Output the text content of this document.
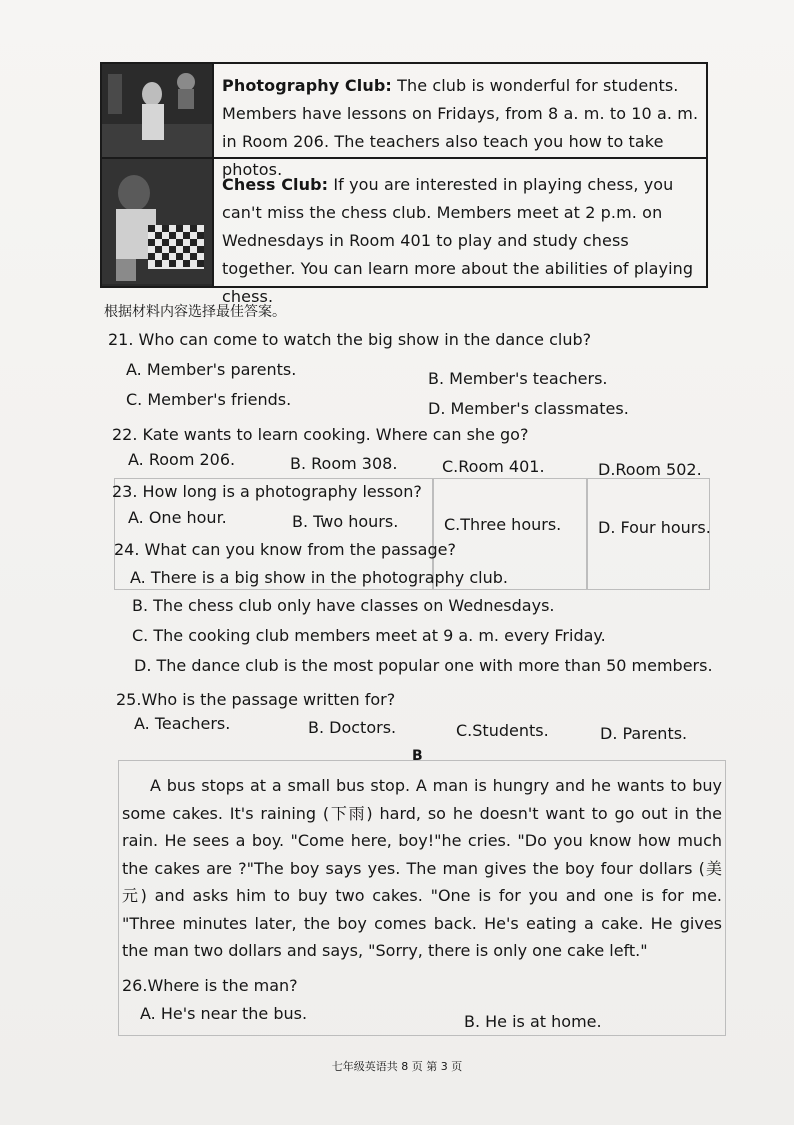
Photography Club: The club is wonderful for students. Members have lessons on Fridays, from 8 a. m. to 10 a. m. in Room 206. The teachers also teach you how to take photos.
Chess Club: If you are interested in playing chess, you can't miss the chess club. Members meet at 2 p.m. on Wednesdays in Room 401 to play and study chess together. You can learn more about the abilities of playing chess.
根据材料内容选择最佳答案。
21. Who can come to watch the big show in the dance club?
A. Member's parents.	B. Member's teachers.
C. Member's friends.	D. Member's classmates.
22. Kate wants to learn cooking. Where can she go?
A. Room 206.	B. Room 308.	C.Room 401.	D.Room 502.
23. How long is a photography lesson?
A. One hour.	B. Two hours.	C.Three hours. D. Four hours.
24. What can you know from the passage?
A. There is a big show in the photography club.
B. The chess club only have classes on Wednesdays.
C. The cooking club members meet at 9 a. m. every Friday.
D. The dance club is the most popular one with more than 50 members.
25.Who is the passage written for?
A. Teachers.	B. Doctors.	C.Students.	D. Parents.
B
A bus stops at a small bus stop. A man is hungry and he wants to buy some cakes. It's raining (下雨) hard, so he doesn't want to go out in the rain. He sees a boy. "Come here, boy!"he cries. "Do you know how much the cakes are ?"The boy says yes. The man gives the boy four dollars (美元) and asks him to buy two cakes. "One is for you and one is for me. "Three minutes later, the boy comes back. He's eating a cake. He gives the man two dollars and says, "Sorry, there is only one cake left."
26.Where is the man?
A. He's near the bus.	B. He is at home.
七年级英语共 8 页 第 3 页
